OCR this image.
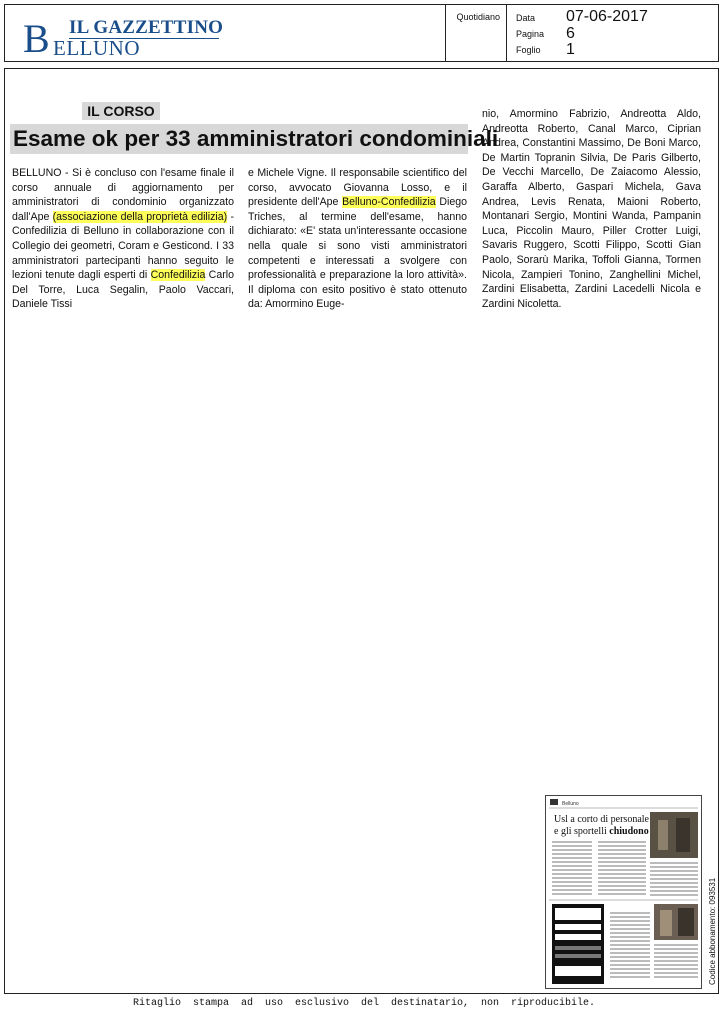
IL GAZZETTINO
B ELLUNO
Quotidiano Data 07-06-2017
Pagina 6
Foglio 1
IL CORSO
Esame ok per 33 amministratori condominiali
BELLUNO - Si è concluso con l'esame finale il corso annuale di aggiornamento per amministratori di condominio organizzato dall'Ape (associazione della proprietà edilizia) - Confedilizia di Belluno in collaborazione con il Collegio dei geometri, Coram e Gesticond. I 33 amministratori partecipanti hanno seguito le lezioni tenute dagli esperti di Confedilizia Carlo Del Torre, Luca Segalin, Paolo Vaccari, Daniele Tissi
e Michele Vigne. Il responsabile scientifico del corso, avvocato Giovanna Losso, e il presidente dell'Ape Belluno-Confedilizia Diego Triches, al termine dell'esame, hanno dichiarato: «E' stata un'interessante occasione nella quale si sono visti amministratori competenti e interessati a svolgere con professionalità e preparazione la loro attività». Il diploma con esito positivo è stato ottenuto da: Amormino Euge-
nio, Amormino Fabrizio, Andreotta Aldo, Andreotta Roberto, Canal Marco, Ciprian Andrea, Constantini Massimo, De Boni Marco, De Martin Topranin Silvia, De Paris Gilberto, De Vecchi Marcello, De Zaiacomo Alessio, Garaffa Alberto, Gaspari Michela, Gava Andrea, Levis Renata, Maioni Roberto, Montanari Sergio, Montini Wanda, Pampanin Luca, Piccolin Mauro, Piller Crotter Luigi, Savaris Ruggero, Scotti Filippo, Scotti Gian Paolo, Sorarù Marika, Toffoli Gianna, Tormen Nicola, Zampieri Tonino, Zanghellini Michel, Zardini Elisabetta, Zardini Lacedelli Nicola e Zardini Nicoletta.
Belluno
Usl a corto di personale
e gli sportelli chiudono
Codice abbonamento: 093531
Ritaglio stampa ad uso esclusivo del destinatario, non riproducibile.
